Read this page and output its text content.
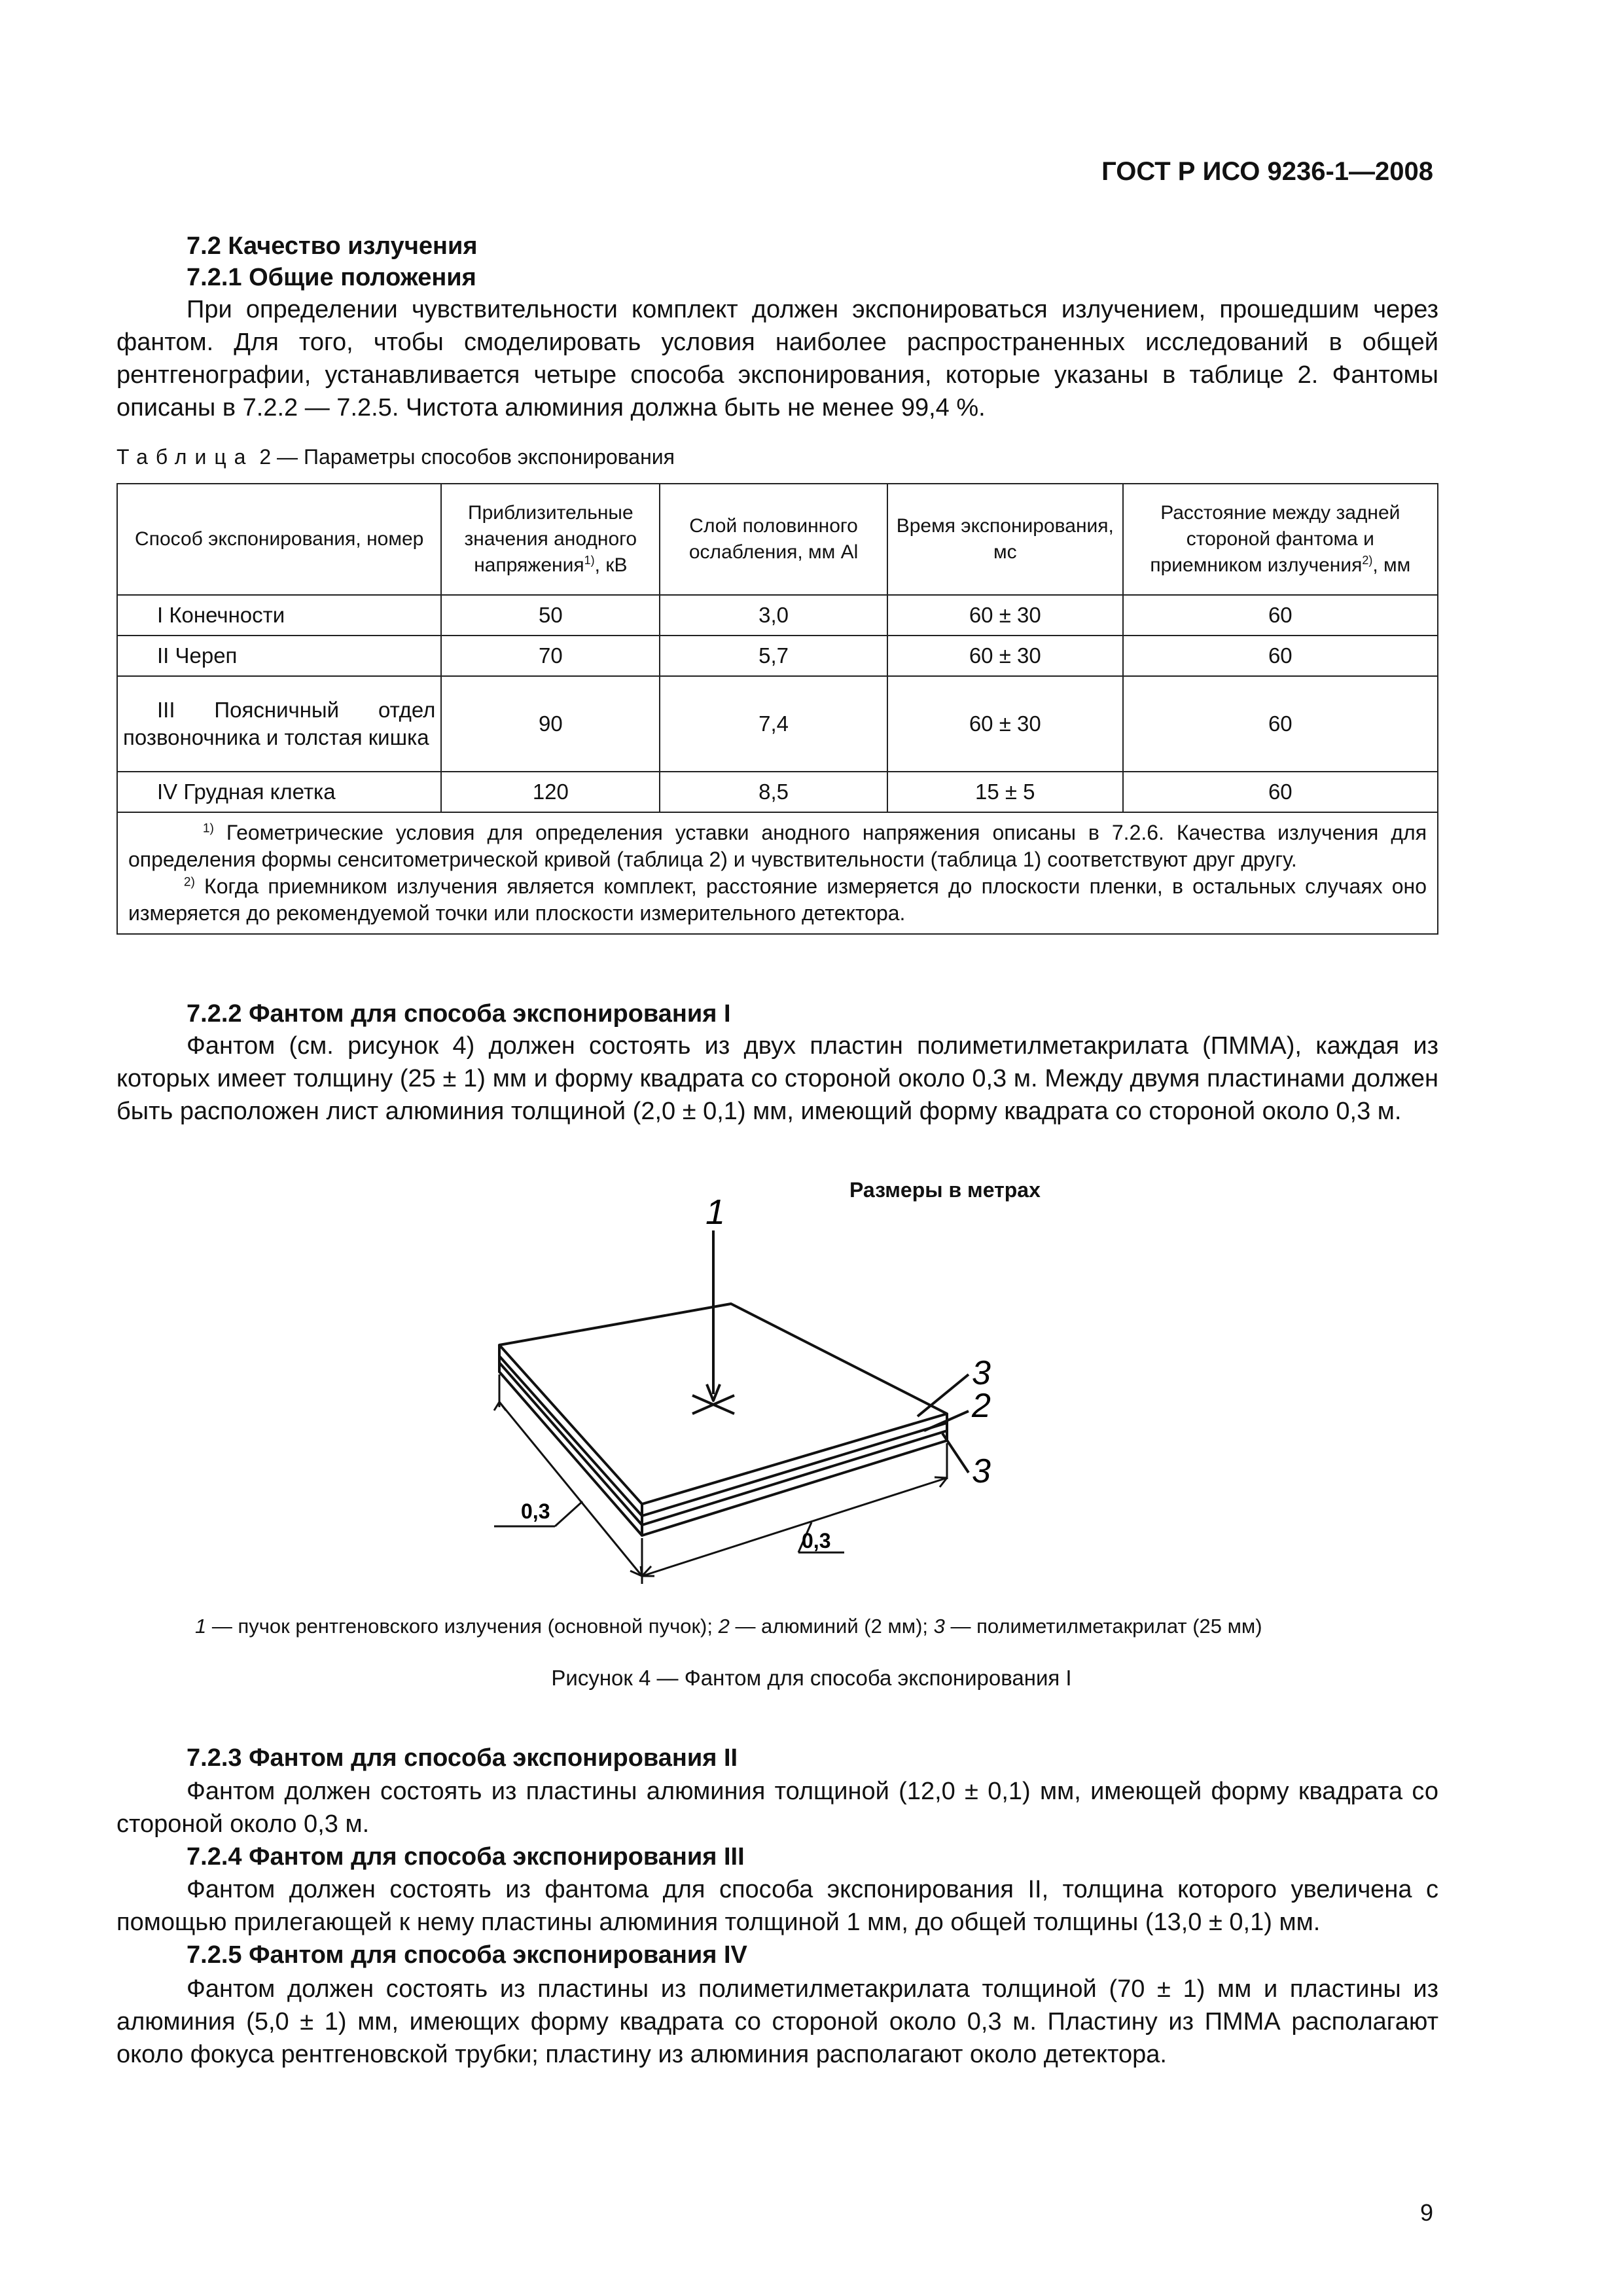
ГОСТ Р ИСО 9236-1—2008
7.2 Качество излучения
7.2.1 Общие положения
При определении чувствительности комплект должен экспонироваться излучением, прошедшим через фантом. Для того, чтобы смоделировать условия наиболее распространенных исследований в общей рентгенографии, устанавливается четыре способа экспонирования, которые указаны в таблице 2. Фантомы описаны в 7.2.2 — 7.2.5. Чистота алюминия должна быть не менее 99,4 %.
Таблица 2 — Параметры способов экспонирования
Способ экспонирования, номер	Приблизительные значения анодного напряжения$^{1)}$, кВ	Слой половинного ослабления, мм Al	Время экспонирования, мс	Расстояние между задней стороной фантома и приемником излучения$^{2)}$, мм
I Конечности	50	3,0	60 ± 30	60
II Череп	70	5,7	60 ± 30	60
III Поясничный отдел позвоночника и толстая кишка	90	7,4	60 ± 30	60
IV Грудная клетка	120	8,5	15 ± 5	60

$^{1)}$ Геометрические условия для определения уставки анодного напряжения описаны в 7.2.6. Качества излучения для определения формы сенситометрической кривой (таблица 2) и чувствительности (таблица 1) соответствуют друг другу.
$^{2)}$ Когда приемником излучения является комплект, расстояние измеряется до плоскости пленки, в остальных случаях оно измеряется до рекомендуемой точки или плоскости измерительного детектора.				
7.2.2 Фантом для способа экспонирования I
Фантом (см. рисунок 4) должен состоять из двух пластин полиметилметакрилата (ПММА), каждая из которых имеет толщину (25 ± 1) мм и форму квадрата со стороной около 0,3 м. Между двумя пластинами должен быть расположен лист алюминия толщиной (2,0 ± 0,1) мм, имеющий форму квадрата со стороной около 0,3 м.
Размеры в метрах
1
3
2
3
0,3
0,3
1 — пучок рентгеновского излучения (основной пучок); 2 — алюминий (2 мм); 3 — полиметилметакрилат (25 мм)
Рисунок 4 — Фантом для способа экспонирования I
7.2.3 Фантом для способа экспонирования II
Фантом должен состоять из пластины алюминия толщиной (12,0 ± 0,1) мм, имеющей форму квадрата со стороной около 0,3 м.
7.2.4 Фантом для способа экспонирования III
Фантом должен состоять из фантома для способа экспонирования II, толщина которого увеличена с помощью прилегающей к нему пластины алюминия толщиной 1 мм, до общей толщины (13,0 ± 0,1) мм.
7.2.5 Фантом для способа экспонирования IV
Фантом должен состоять из пластины из полиметилметакрилата толщиной (70 ± 1) мм и пластины из алюминия (5,0 ± 1) мм, имеющих форму квадрата со стороной около 0,3 м. Пластину из ПММА располагают около фокуса рентгеновской трубки; пластину из алюминия располагают около детектора.
9
